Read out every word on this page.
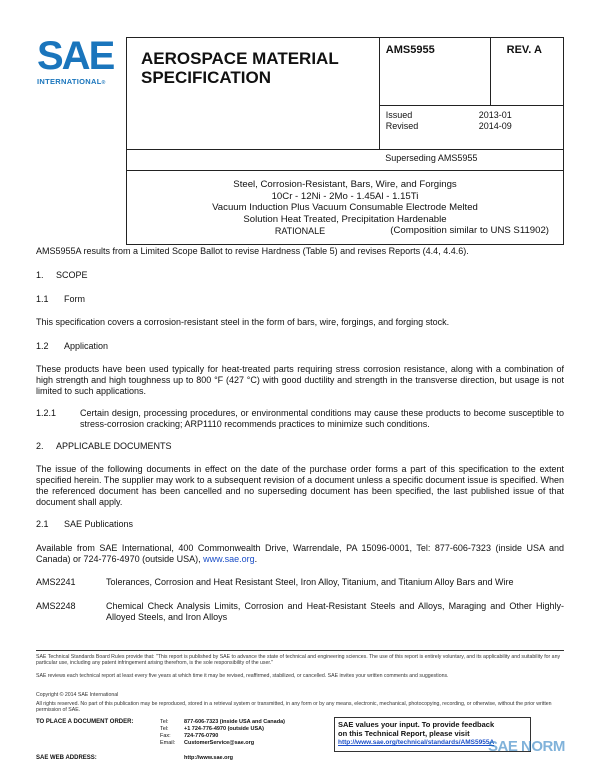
SAE
INTERNATIONAL®
AEROSPACE MATERIAL
SPECIFICATION	AMS5955	REV. A

	Issued 2013-01
Revised 2014-09	

	Superseding AMS5955	

Steel, Corrosion-Resistant, Bars, Wire, and Forgings
10Cr - 12Ni - 2Mo - 1.45Al - 1.15Ti
Vacuum Induction Plus Vacuum Consumable Electrode Melted
Solution Heat Treated, Precipitation Hardenable
(Composition similar to UNS S11902)		
RATIONALE
AMS5955A results from a Limited Scope Ballot to revise Hardness (Table 5) and revises Reports (4.4, 4.4.6).
1. SCOPE
1.1 Form
This specification covers a corrosion-resistant steel in the form of bars, wire, forgings, and forging stock.
1.2 Application
These products have been used typically for heat-treated parts requiring stress corrosion resistance, along with a combination of high strength and high toughness up to 800 °F (427 °C) with good ductility and strength in the transverse direction, but usage is not limited to such applications.
1.2.1	Certain design, processing procedures, or environmental conditions may cause these products to become susceptible to stress-corrosion cracking; ARP1110 recommends practices to minimize such conditions.
2. APPLICABLE DOCUMENTS
The issue of the following documents in effect on the date of the purchase order forms a part of this specification to the extent specified herein. The supplier may work to a subsequent revision of a document unless a specific document issue is specified. When the referenced document has been cancelled and no superseding document has been specified, the last published issue of that document shall apply.
2.1 SAE Publications
Available from SAE International, 400 Commonwealth Drive, Warrendale, PA 15096-0001, Tel: 877-606-7323 (inside USA and Canada) or 724-776-4970 (outside USA), www.sae.org.
AMS2241	Tolerances, Corrosion and Heat Resistant Steel, Iron Alloy, Titanium, and Titanium Alloy Bars and Wire
AMS2248	Chemical Check Analysis Limits, Corrosion and Heat-Resistant Steels and Alloys, Maraging and Other Highly-Alloyed Steels, and Iron Alloys
SAE Technical Standards Board Rules provide that: "This report is published by SAE to advance the state of technical and engineering sciences. The use of this report is entirely voluntary, and its applicability and suitability for any particular use, including any patent infringement arising therefrom, is the sole responsibility of the user."
SAE reviews each technical report at least every five years at which time it may be revised, reaffirmed, stabilized, or cancelled. SAE invites your written comments and suggestions.
Copyright © 2014 SAE International
All rights reserved. No part of this publication may be reproduced, stored in a retrieval system or transmitted, in any form or by any means, electronic, mechanical, photocopying, recording, or otherwise, without the prior written permission of SAE.
TO PLACE A DOCUMENT ORDER:	Tel:	877-606-7323 (inside USA and Canada)
Tel:	+1 724-776-4970 (outside USA)
Fax: 724-776-0790
Email: CustomerService@sae.org
SAE WEB ADDRESS:	http://www.sae.org
SAE values your input. To provide feedback
on this Technical Report, please visit
http://www.sae.org/technical/standards/AMS5955A
SAE NORM
